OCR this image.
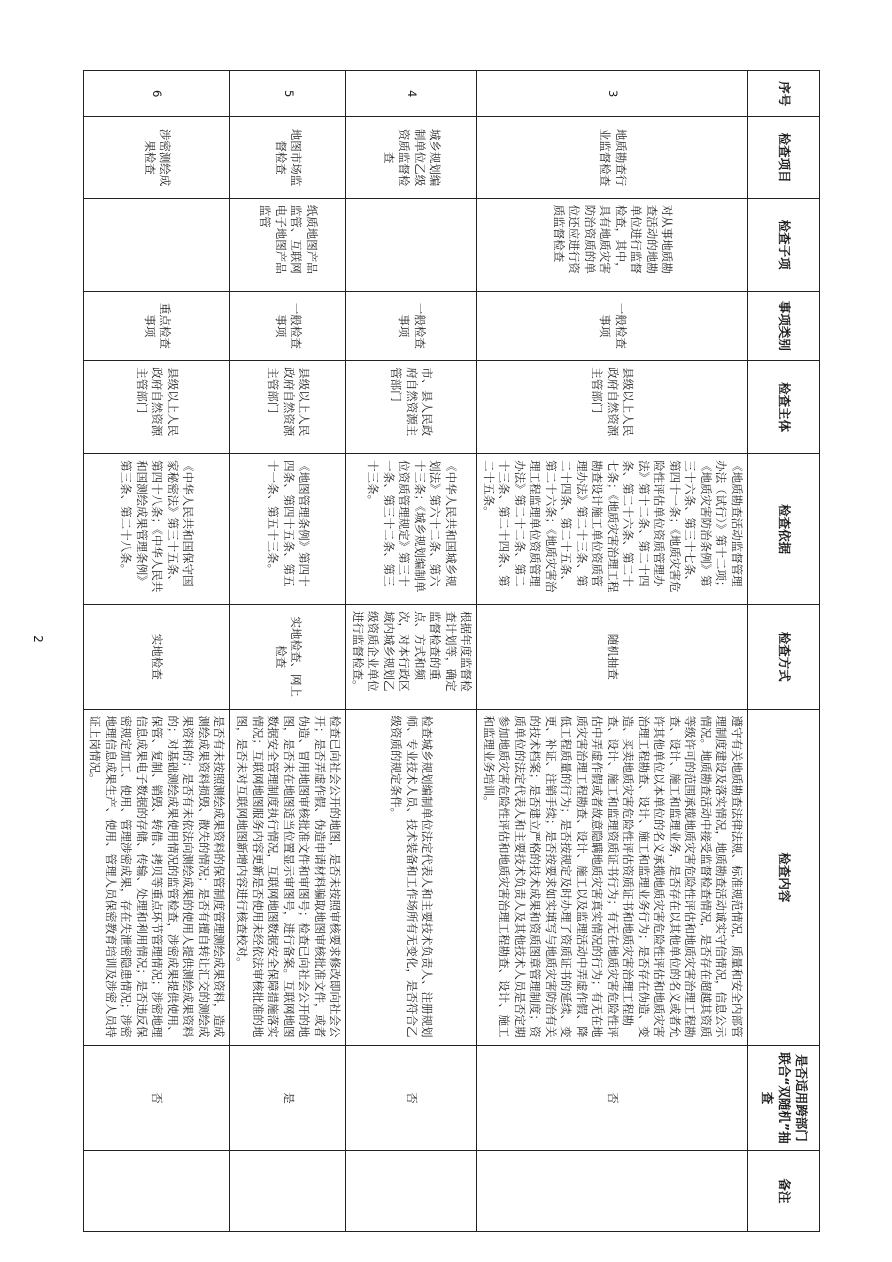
序号	检查项目	检查子项	事项类别	检查主体	检查依据	检查方式	检查内容	是否适用跨部门联合“双随机”抽查	备注
3	地质勘查行业监督检查	对从事地质勘查活动的地勘单位进行监督检查，其中，具有地质灾害防治资质的单位还应进行资质监督检查	一般检查事项	县级以上人民政府自然资源主管部门	《地质勘查活动监督管理办法（试行）》第十二项；《地质灾害防治条例》第三十六条、第三十七条、第四十一条；《地质灾害危险性评估单位资质管理办法》第十二条、第二十四条、第二十六条、第二十七条；《地质灾害治理工程勘查设计施工单位资质管理办法》第二十三条、第二十四条、第二十五条、第二十六条；《地质灾害治理工程监理单位资质管理办法》第二十二条、第二十三条、第二十四条、第二十五条。	随机抽查	遵守有关地质勘查法律法规、标准规范情况，质量和安全内部管理制度建设及落实情况，地质勘查活动诚实守信情况，信息公示情况。地质勘查活动中接受监督检查情况，是否存在超越其资质等级许可的范围承揽地质灾害危险性评估和地质灾害治理工程勘查、设计、施工和监理业务，是否存在以其他单位的名义或者允许其他单位以本单位的名义承揽地质灾害危险性评估和地质灾害治理工程勘查、设计、施工和监理业务行为；是否存在伪造、变造、买卖地质灾害危险性评估资质证书和地质灾害治理工程勘查、设计、施工和监理资质证书行为；有无在地质灾害危险性评估中弄虚作假或者故意隐瞒地质灾害真实情况的行为；有无在地质灾害治理工程勘查、设计、施工以及监理活动中弄虚作假、降低工程质量的行为；是否按规定及时办理了资质证书的延续、变更、补证、注销手续；是否按要求如实填写与地质灾害防治有关的技术档案；是否建立严格的技术成果和资质图章管理制度；资质单位的法定代表人和主要技术负责人及其他技术人员是否定期参加地质灾害危险性评估和地质灾害治理工程勘查、设计、施工和监理业务培训。	否	
4	城乡规划编制单位乙级资质监督检查		一般检查事项	市、县人民政府自然资源主管部门	《中华人民共和国城乡规划法》第六十二条、第六十三条；《城乡规划编制单位资质管理规定》第三十一条、第三十二条、第三十三条。	根据年度监督检查计划等，确定监督检查的重点、方式和频次，对本行政区域内城乡规划乙级资质企业单位进行监督检查。	检查城乡规划编制单位法定代表人和主要技术负责人、注册规划师、专业技术人员、技术装备和工作场所有无变化，是否符合乙级资质的规定条件。	否	
5	地图市场监督检查	纸质地图产品监管、互联网电子地图产品监管	一般检查事项	县级以上人民政府自然资源主管部门	《地图管理条例》第四十四条、第四十五条、第五十一条、第五十三条。	实地检查、网上检查	检查已向社会公开的地图，是否未按照审核要求修改即向社会公开；是否弄虚作假、伪造申请材料骗取地图审核批准文件，或者伪造、冒用地图审核批准文件和审图号；检查已向社会公开的地图，是否未在地图适当位置显示审图号，进行备案。互联网地图数据安全管理制度执行情况，互联网地图数据安全保障措施落实情况；互联网地图服务内容更新是否使用未经依法审核批准的地图，是否未对互联网地图新增内容进行核查校对。	是	
6	涉密测绘成果检查		重点检查事项	县级以上人民政府自然资源主管部门	《中华人民共和国保守国家秘密法》第三十五条、第四十八条；《中华人民共和国测绘成果管理条例》第三条、第二十八条。	实地检查	是否有未按照测绘成果资料的保管制度管理测绘成果资料，造成测绘成果资料损毁、散失的情况；是否有擅自转让汇交的测绘成果资料的；是否有未依法向测绘成果的使用人提供测绘成果资料的；对基础测绘成果使用情况的监管检查，涉密成果提供使用、保管、复制、销毁、转借、拷贝等重点环节管理情况；涉密地理信息成果电子数据的存储、传输、处理和利用情况；是否违反保密规定加工、使用、管理涉密成果，存在失泄密隐患情况；涉密地理信息成果生产、使用、管理人员保密教育培训及涉密人员持证上岗情况。	否	
2
